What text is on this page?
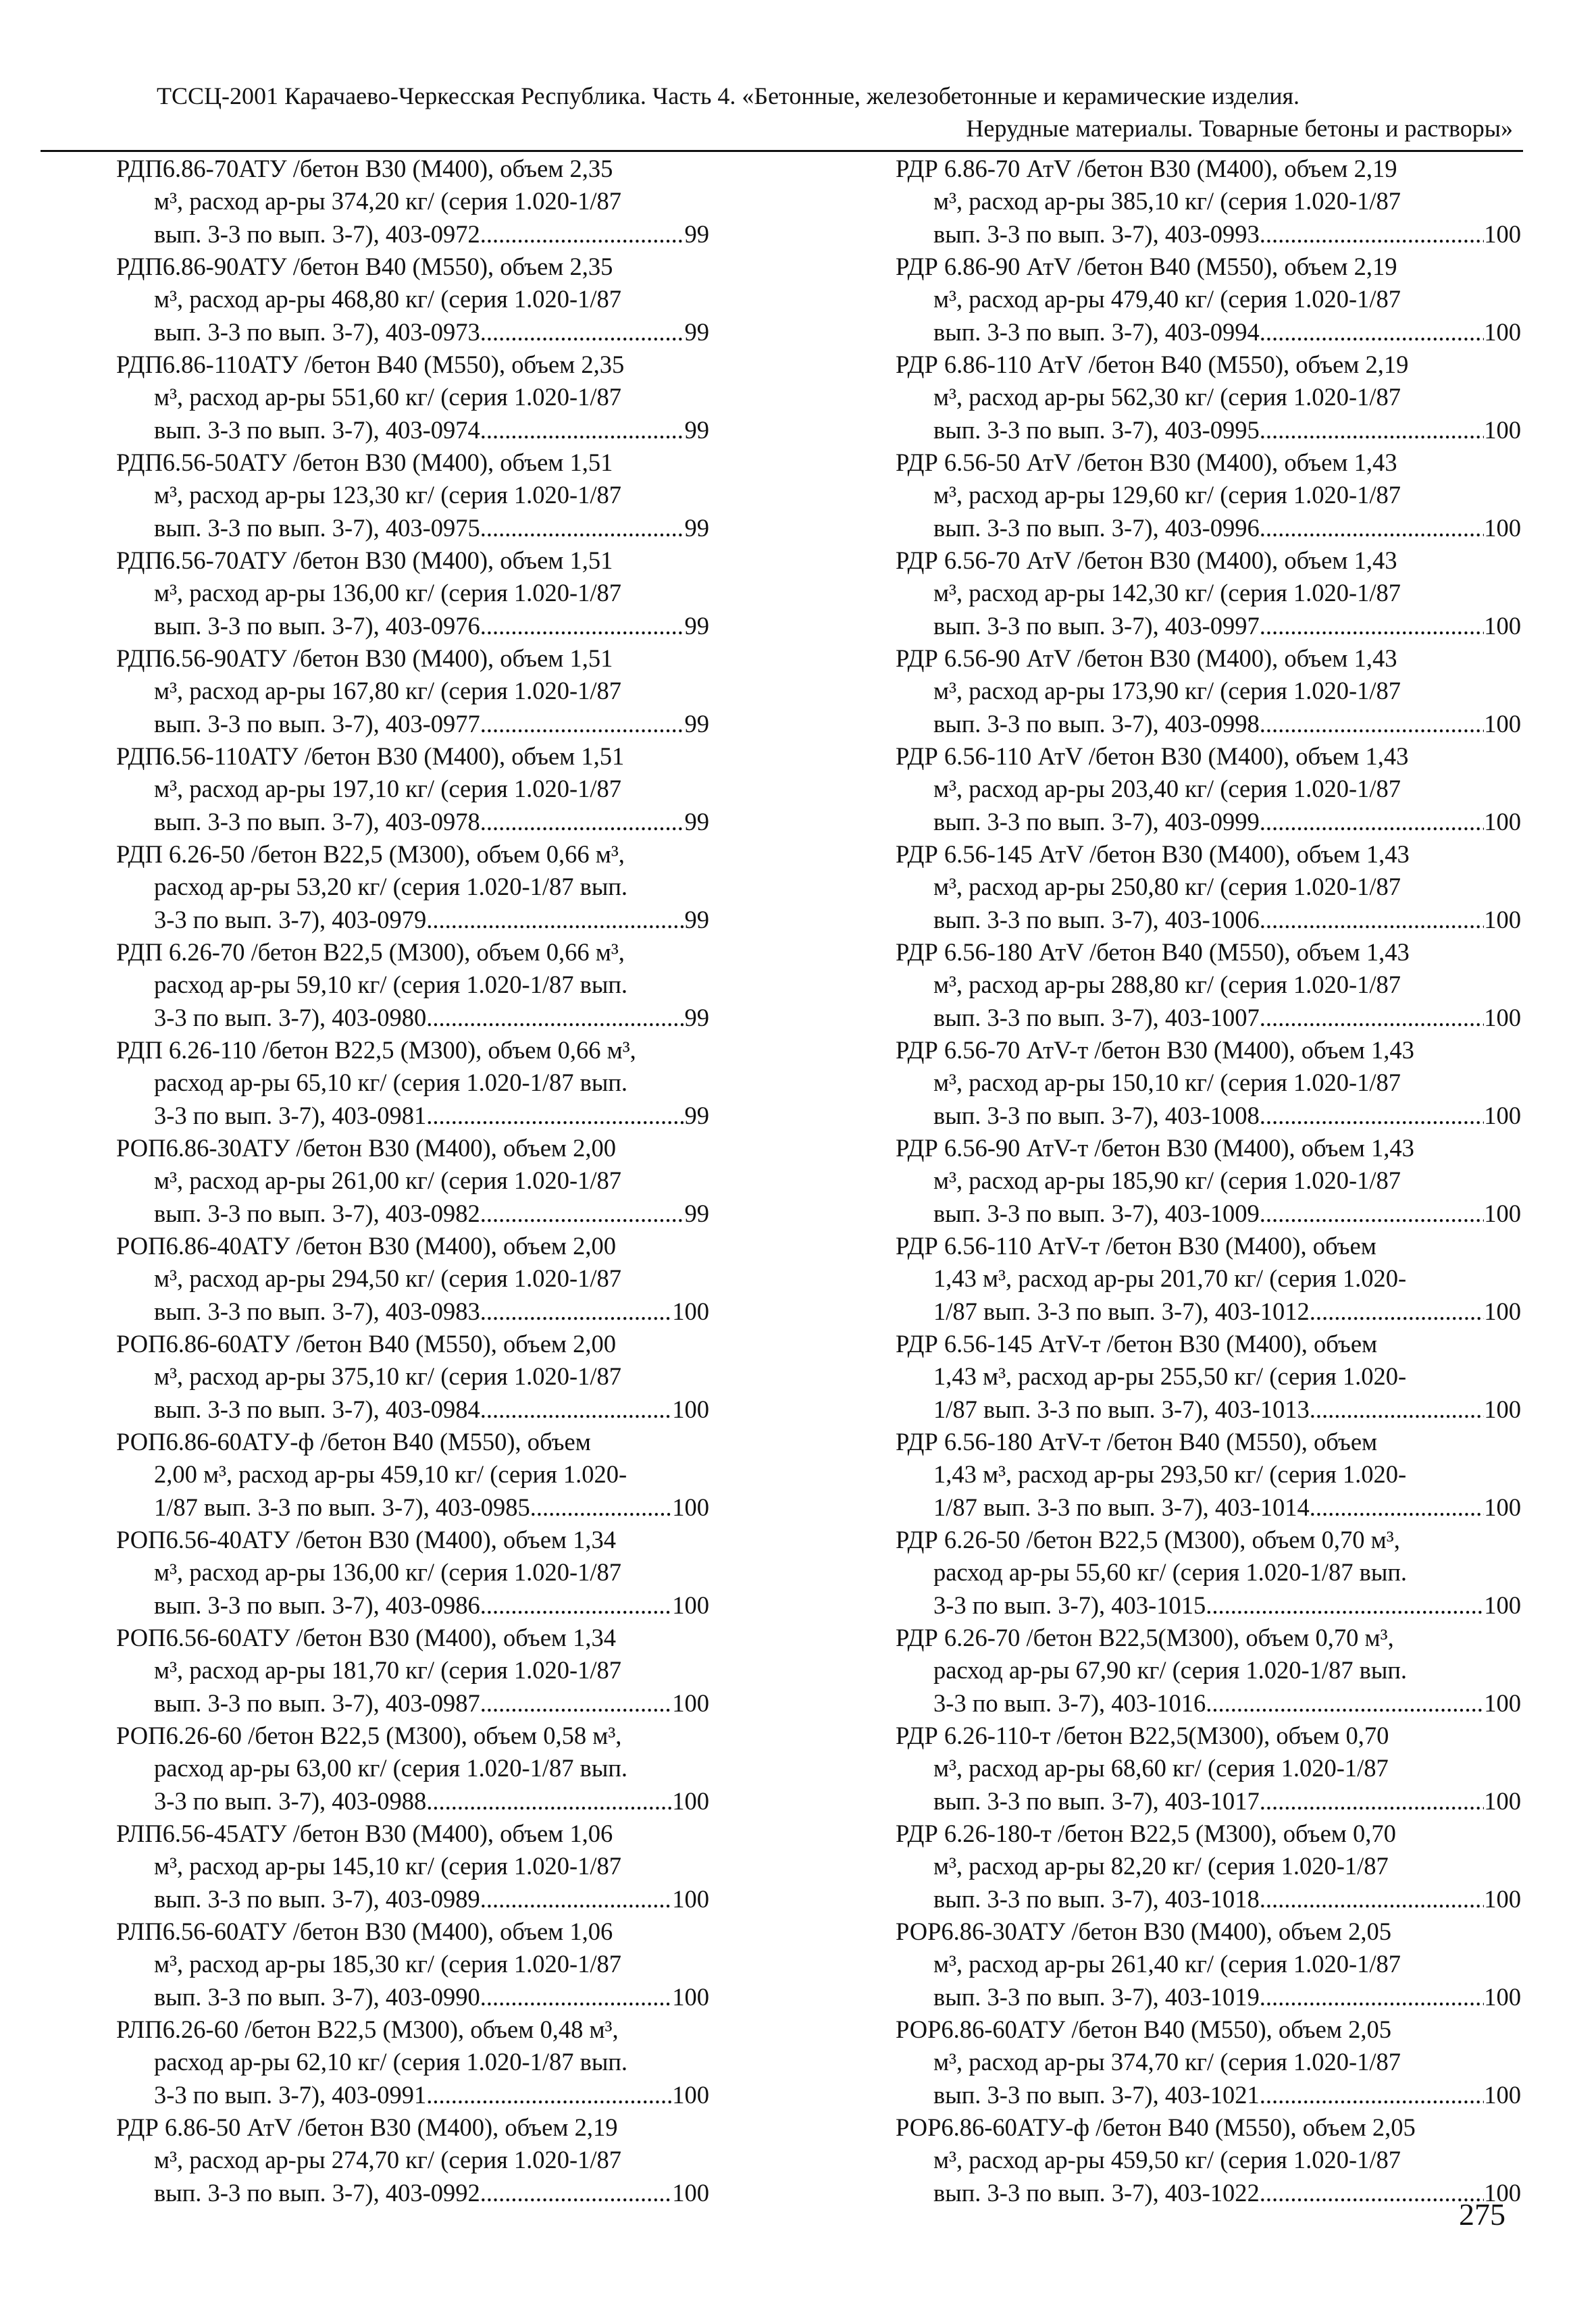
ТССЦ-2001 Карачаево-Черкесская Республика. Часть 4. «Бетонные, железобетонные и керамические изделия.
Нерудные материалы. Товарные бетоны и растворы»
РДП6.86-70АТУ /бетон В30 (М400), объем 2,35
м³, расход ар-ры 374,20 кг/ (серия 1.020-1/87
вып. 3-3 по вып. 3-7), 403-0972 .....	99
РДП6.86-90АТУ /бетон В40 (М550), объем 2,35
м³, расход ар-ры 468,80 кг/ (серия 1.020-1/87
вып. 3-3 по вып. 3-7), 403-0973 .....	99
РДП6.86-110АТУ /бетон В40 (М550), объем 2,35
м³, расход ар-ры 551,60 кг/ (серия 1.020-1/87
вып. 3-3 по вып. 3-7), 403-0974 .....	99
РДП6.56-50АТУ /бетон В30 (М400), объем 1,51
м³, расход ар-ры 123,30 кг/ (серия 1.020-1/87
вып. 3-3 по вып. 3-7), 403-0975 .....	99
РДП6.56-70АТУ /бетон В30 (М400), объем 1,51
м³, расход ар-ры 136,00 кг/ (серия 1.020-1/87
вып. 3-3 по вып. 3-7), 403-0976 .....	99
РДП6.56-90АТУ /бетон В30 (М400), объем 1,51
м³, расход ар-ры 167,80 кг/ (серия 1.020-1/87
вып. 3-3 по вып. 3-7), 403-0977 .....	99
РДП6.56-110АТУ /бетон В30 (М400), объем 1,51
м³, расход ар-ры 197,10 кг/ (серия 1.020-1/87
вып. 3-3 по вып. 3-7), 403-0978 .....	99
РДП 6.26-50 /бетон В22,5 (М300), объем 0,66 м³,
расход ар-ры 53,20 кг/ (серия 1.020-1/87 вып.
3-3 по вып. 3-7), 403-0979 .....	99
РДП 6.26-70 /бетон В22,5 (М300), объем 0,66 м³,
расход ар-ры 59,10 кг/ (серия 1.020-1/87 вып.
3-3 по вып. 3-7), 403-0980 .....	99
РДП 6.26-110 /бетон В22,5 (М300), объем 0,66 м³,
расход ар-ры 65,10 кг/ (серия 1.020-1/87 вып.
3-3 по вып. 3-7), 403-0981 .....	99
РОП6.86-30АТУ /бетон В30 (М400), объем 2,00
м³, расход ар-ры 261,00 кг/ (серия 1.020-1/87
вып. 3-3 по вып. 3-7), 403-0982 .....	99
РОП6.86-40АТУ /бетон В30 (М400), объем 2,00
м³, расход ар-ры 294,50 кг/ (серия 1.020-1/87
вып. 3-3 по вып. 3-7), 403-0983 .....	100
РОП6.86-60АТУ /бетон В40 (М550), объем 2,00
м³, расход ар-ры 375,10 кг/ (серия 1.020-1/87
вып. 3-3 по вып. 3-7), 403-0984 .....	100
РОП6.86-60АТУ-ф /бетон В40 (М550), объем
2,00 м³, расход ар-ры 459,10 кг/ (серия 1.020-
1/87 вып. 3-3 по вып. 3-7), 403-0985 .....	100
РОП6.56-40АТУ /бетон В30 (М400), объем 1,34
м³, расход ар-ры 136,00 кг/ (серия 1.020-1/87
вып. 3-3 по вып. 3-7), 403-0986 .....	100
РОП6.56-60АТУ /бетон В30 (М400), объем 1,34
м³, расход ар-ры 181,70 кг/ (серия 1.020-1/87
вып. 3-3 по вып. 3-7), 403-0987 .....	100
РОП6.26-60 /бетон В22,5 (М300), объем 0,58 м³,
расход ар-ры 63,00 кг/ (серия 1.020-1/87 вып.
3-3 по вып. 3-7), 403-0988 .....	100
РЛП6.56-45АТУ /бетон В30 (М400), объем 1,06
м³, расход ар-ры 145,10 кг/ (серия 1.020-1/87
вып. 3-3 по вып. 3-7), 403-0989 .....	100
РЛП6.56-60АТУ /бетон В30 (М400), объем 1,06
м³, расход ар-ры 185,30 кг/ (серия 1.020-1/87
вып. 3-3 по вып. 3-7), 403-0990 .....	100
РЛП6.26-60 /бетон В22,5 (М300), объем 0,48 м³,
расход ар-ры 62,10 кг/ (серия 1.020-1/87 вып.
3-3 по вып. 3-7), 403-0991 .....	100
РДР 6.86-50 АтV /бетон В30 (М400), объем 2,19
м³, расход ар-ры 274,70 кг/ (серия 1.020-1/87
вып. 3-3 по вып. 3-7), 403-0992 .....	100
РДР 6.86-70 АтV /бетон В30 (М400), объем 2,19
м³, расход ар-ры 385,10 кг/ (серия 1.020-1/87
вып. 3-3 по вып. 3-7), 403-0993 .....	100
РДР 6.86-90 АтV /бетон В40 (М550), объем 2,19
м³, расход ар-ры 479,40 кг/ (серия 1.020-1/87
вып. 3-3 по вып. 3-7), 403-0994 .....	100
РДР 6.86-110 АтV /бетон В40 (М550), объем 2,19
м³, расход ар-ры 562,30 кг/ (серия 1.020-1/87
вып. 3-3 по вып. 3-7), 403-0995 .....	100
РДР 6.56-50 АтV /бетон В30 (М400), объем 1,43
м³, расход ар-ры 129,60 кг/ (серия 1.020-1/87
вып. 3-3 по вып. 3-7), 403-0996 .....	100
РДР 6.56-70 АтV /бетон В30 (М400), объем 1,43
м³, расход ар-ры 142,30 кг/ (серия 1.020-1/87
вып. 3-3 по вып. 3-7), 403-0997 .....	100
РДР 6.56-90 АтV /бетон В30 (М400), объем 1,43
м³, расход ар-ры 173,90 кг/ (серия 1.020-1/87
вып. 3-3 по вып. 3-7), 403-0998 .....	100
РДР 6.56-110 АтV /бетон В30 (М400), объем 1,43
м³, расход ар-ры 203,40 кг/ (серия 1.020-1/87
вып. 3-3 по вып. 3-7), 403-0999 .....	100
РДР 6.56-145 АтV /бетон В30 (М400), объем 1,43
м³, расход ар-ры 250,80 кг/ (серия 1.020-1/87
вып. 3-3 по вып. 3-7), 403-1006 .....	100
РДР 6.56-180 АтV /бетон В40 (М550), объем 1,43
м³, расход ар-ры 288,80 кг/ (серия 1.020-1/87
вып. 3-3 по вып. 3-7), 403-1007 .....	100
РДР 6.56-70 АтV-т /бетон В30 (М400), объем 1,43
м³, расход ар-ры 150,10 кг/ (серия 1.020-1/87
вып. 3-3 по вып. 3-7), 403-1008 .....	100
РДР 6.56-90 АтV-т /бетон В30 (М400), объем 1,43
м³, расход ар-ры 185,90 кг/ (серия 1.020-1/87
вып. 3-3 по вып. 3-7), 403-1009 .....	100
РДР 6.56-110 АтV-т /бетон В30 (М400), объем
1,43 м³, расход ар-ры 201,70 кг/ (серия 1.020-
1/87 вып. 3-3 по вып. 3-7), 403-1012 .....	100
РДР 6.56-145 АтV-т /бетон В30 (М400), объем
1,43 м³, расход ар-ры 255,50 кг/ (серия 1.020-
1/87 вып. 3-3 по вып. 3-7), 403-1013 .....	100
РДР 6.56-180 АтV-т /бетон В40 (М550), объем
1,43 м³, расход ар-ры 293,50 кг/ (серия 1.020-
1/87 вып. 3-3 по вып. 3-7), 403-1014 .....	100
РДР 6.26-50 /бетон В22,5 (М300), объем 0,70 м³,
расход ар-ры 55,60 кг/ (серия 1.020-1/87 вып.
3-3 по вып. 3-7), 403-1015 .....	100
РДР 6.26-70 /бетон В22,5(М300), объем 0,70 м³,
расход ар-ры 67,90 кг/ (серия 1.020-1/87 вып.
3-3 по вып. 3-7), 403-1016 .....	100
РДР 6.26-110-т /бетон В22,5(М300), объем 0,70
м³, расход ар-ры 68,60 кг/ (серия 1.020-1/87
вып. 3-3 по вып. 3-7), 403-1017 .....	100
РДР 6.26-180-т /бетон В22,5 (М300), объем 0,70
м³, расход ар-ры 82,20 кг/ (серия 1.020-1/87
вып. 3-3 по вып. 3-7), 403-1018 .....	100
РОР6.86-30АТУ /бетон В30 (М400), объем 2,05
м³, расход ар-ры 261,40 кг/ (серия 1.020-1/87
вып. 3-3 по вып. 3-7), 403-1019 .....	100
РОР6.86-60АТУ /бетон В40 (М550), объем 2,05
м³, расход ар-ры 374,70 кг/ (серия 1.020-1/87
вып. 3-3 по вып. 3-7), 403-1021 .....	100
РОР6.86-60АТУ-ф /бетон В40 (М550), объем 2,05
м³, расход ар-ры 459,50 кг/ (серия 1.020-1/87
вып. 3-3 по вып. 3-7), 403-1022 .....	100
275
